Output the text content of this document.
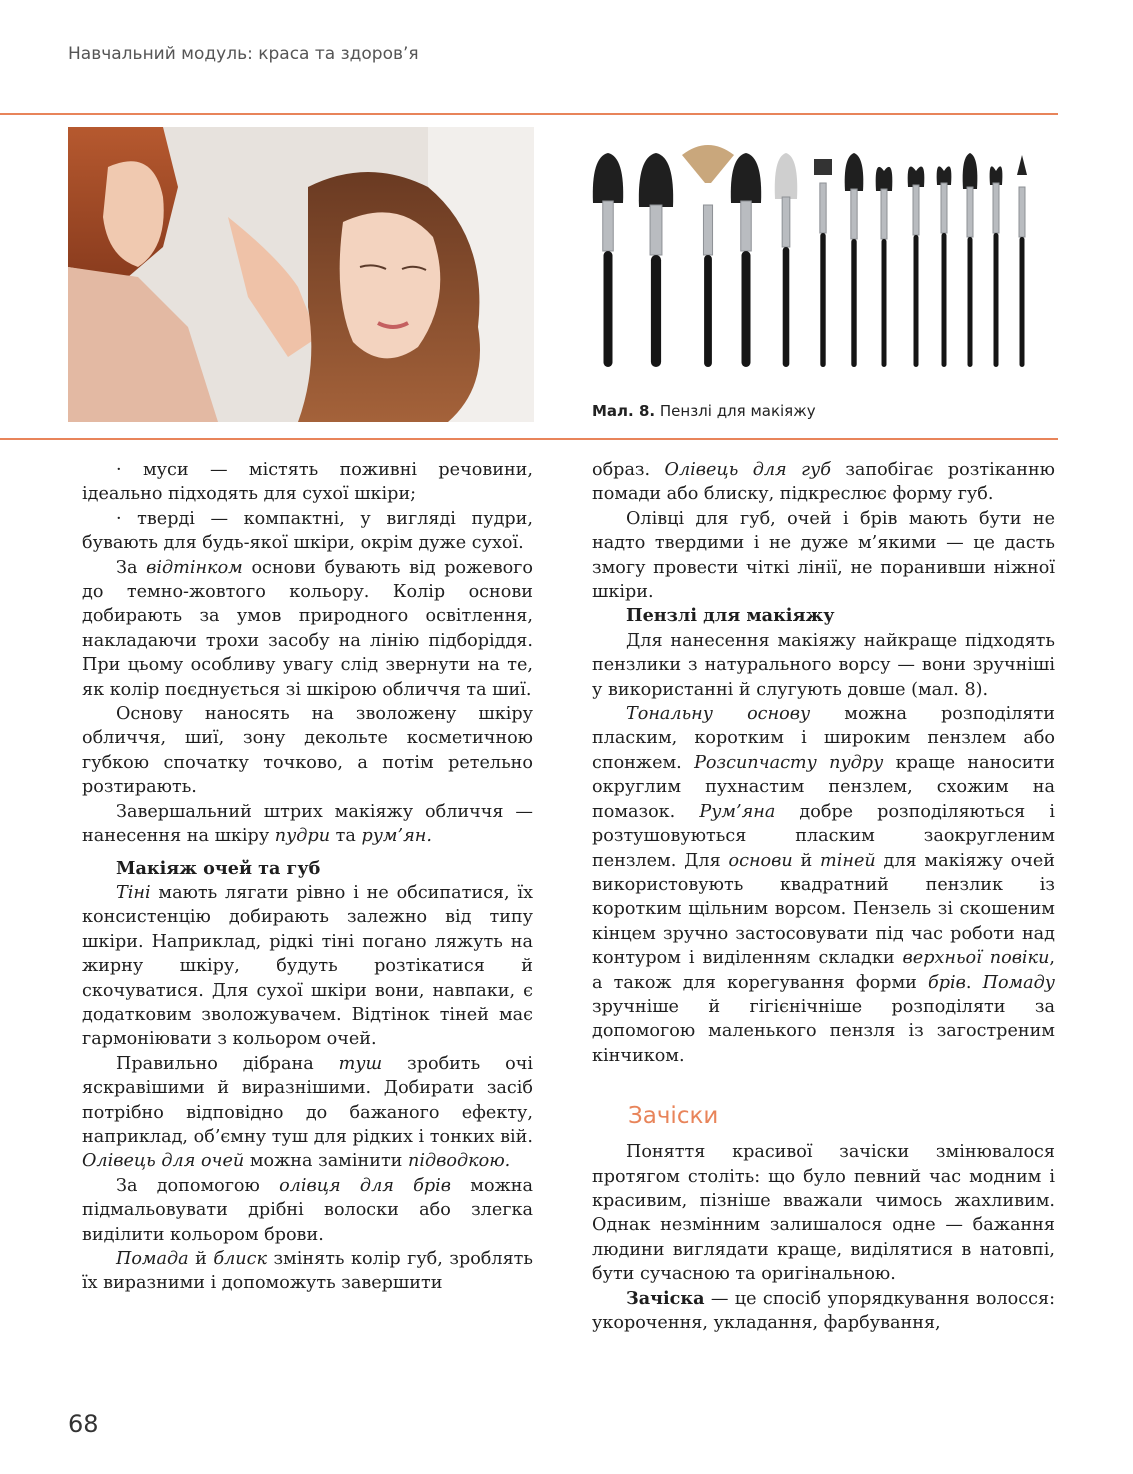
Навчальний модуль: краса та здоров’я
Мал. 8. Пензлі для макіяжу

· муси — містять поживні речовини, ідеально підходять для сухої шкіри;

· тверді — компактні, у вигляді пудри, бувають для будь-якої шкіри, окрім дуже сухої.

За відтінком основи бувають від рожевого до темно-жовтого кольору. Колір основи добирають за умов природного освітлення, накладаючи трохи засобу на лінію підборіддя. При цьому особливу увагу слід звернути на те, як колір поєднується зі шкірою обличчя та шиї.

Основу наносять на зволожену шкіру обличчя, шиї, зону декольте косметичною губкою спочатку точково, а потім ретельно розтирають.

Завершальний штрих макіяжу обличчя — нанесення на шкіру пудри та рум’ян.

Макіяж очей та губ

Тіні мають лягати рівно і не обсипатися, їх консистенцію добирають залежно від типу шкіри. Наприклад, рідкі тіні погано ляжуть на жирну шкіру, будуть розтікатися й скочуватися. Для сухої шкіри вони, навпаки, є додатковим зволожувачем. Відтінок тіней має гармоніювати з кольором очей.

Правильно дібрана туш зробить очі яскравішими й виразнішими. Добирати засіб потрібно відповідно до бажаного ефекту, наприклад, об’ємну туш для рідких і тонких вій. Олівець для очей можна замінити підводкою.

За допомогою олівця для брів можна підмальовувати дрібні волоски або злегка виділити кольором брови.

Помада й блиск змінять колір губ, зроблять їх виразними і допоможуть завершити

образ. Олівець для губ запобігає розтіканню помади або блиску, підкреслює форму губ.

Олівці для губ, очей і брів мають бути не надто твердими і не дуже м’якими — це дасть змогу провести чіткі лінії, не поранивши ніжної шкіри.

Пензлі для макіяжу

Для нанесення макіяжу найкраще підходять пензлики з натурального ворсу — вони зручніші у використанні й слугують довше (мал. 8).

Тональну основу можна розподіляти пласким, коротким і широким пензлем або спонжем. Розсипчасту пудру краще наносити округлим пухнастим пензлем, схожим на помазок. Рум’яна добре розподіляються і розтушовуються пласким заокругленим пензлем. Для основи й тіней для макіяжу очей використовують квадратний пензлик із коротким щільним ворсом. Пензель зі скошеним кінцем зручно застосовувати під час роботи над контуром і виділенням складки верхньої повіки, а також для корегування форми брів. Помаду зручніше й гігієнічніше розподіляти за допомогою маленького пензля із загостреним кінчиком.

Зачіски

Поняття красивої зачіски змінювалося протягом століть: що було певний час модним і красивим, пізніше вважали чимось жахливим. Однак незмінним залишалося одне — бажання людини виглядати краще, виділятися в натовпі, бути сучасною та оригінальною.

Зачіска — це спосіб упорядкування волосся: укорочення, укладання, фарбування,

68
